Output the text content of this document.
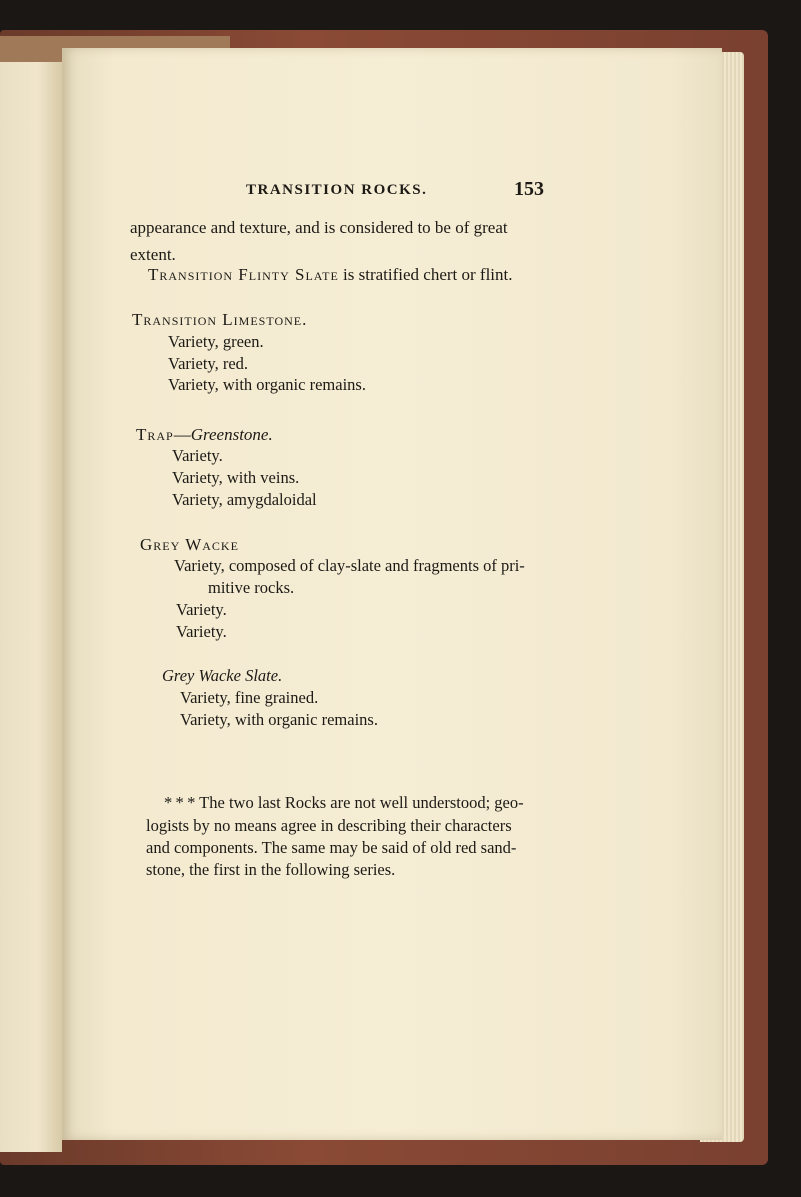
TRANSITION ROCKS.	153
appearance and texture, and is considered to be of great
extent.
Transition Flinty Slate is stratified chert or flint.
Transition Limestone.
Variety, green.
Variety, red.
Variety, with organic remains.
Trap—Greenstone.
Variety.
Variety, with veins.
Variety, amygdaloidal
Grey Wacke
Variety, composed of clay-slate and fragments of pri-
mitive rocks.
Variety.
Variety.
Grey Wacke Slate.
Variety, fine grained.
Variety, with organic remains.
* * * The two last Rocks are not well understood; geo-
logists by no means agree in describing their characters
and components. The same may be said of old red sand-
stone, the first in the following series.
